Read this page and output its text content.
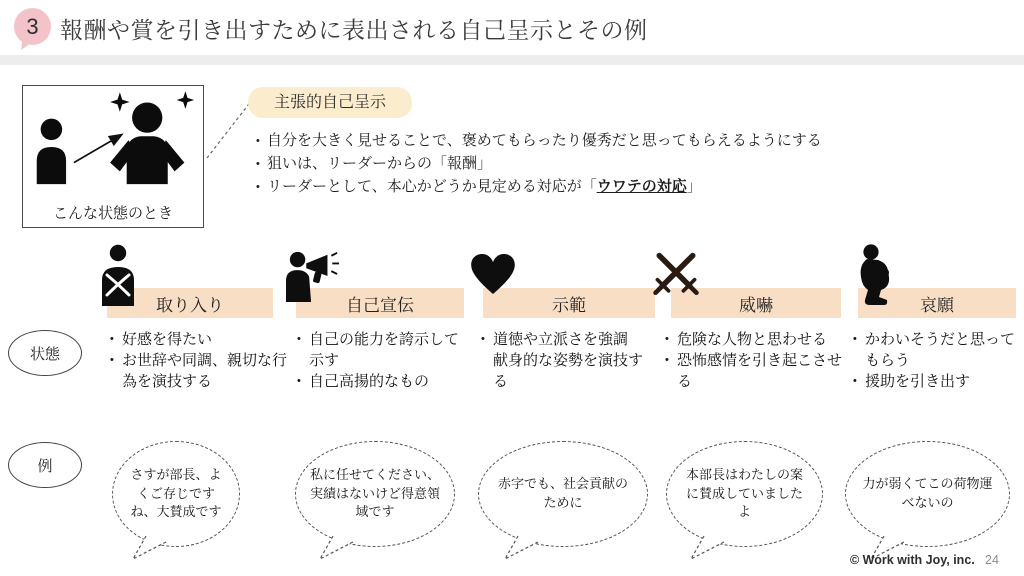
3 報酬や賞を引き出すために表出される自己呈示とその例
こんな状態のとき
主張的自己呈示
• 自分を大きく見せることで、褒めてもらったり優秀だと思ってもらえるようにする
• 狙いは、リーダーからの「報酬」
• リーダーとして、本心かどうか見定める対応が「ウワテの対応」
状態
例
取り入り
• 好感を得たい
• お世辞や同調、親切な行為を演技する
さすが部長、よくご存じですね、大賛成です
自己宣伝
• 自己の能力を誇示して示す
• 自己高揚的なもの
私に任せてください、実績はないけど得意領域です
示範
• 道徳や立派さを強調
献身的な姿勢を演技する
赤字でも、社会貢献のために
威嚇
• 危険な人物と思わせる
• 恐怖感情を引き起こさせる
本部長はわたしの案に賛成していましたよ
哀願
• かわいそうだと思ってもらう
• 援助を引き出す
力が弱くてこの荷物運べないの
© Work with Joy, inc. 24
